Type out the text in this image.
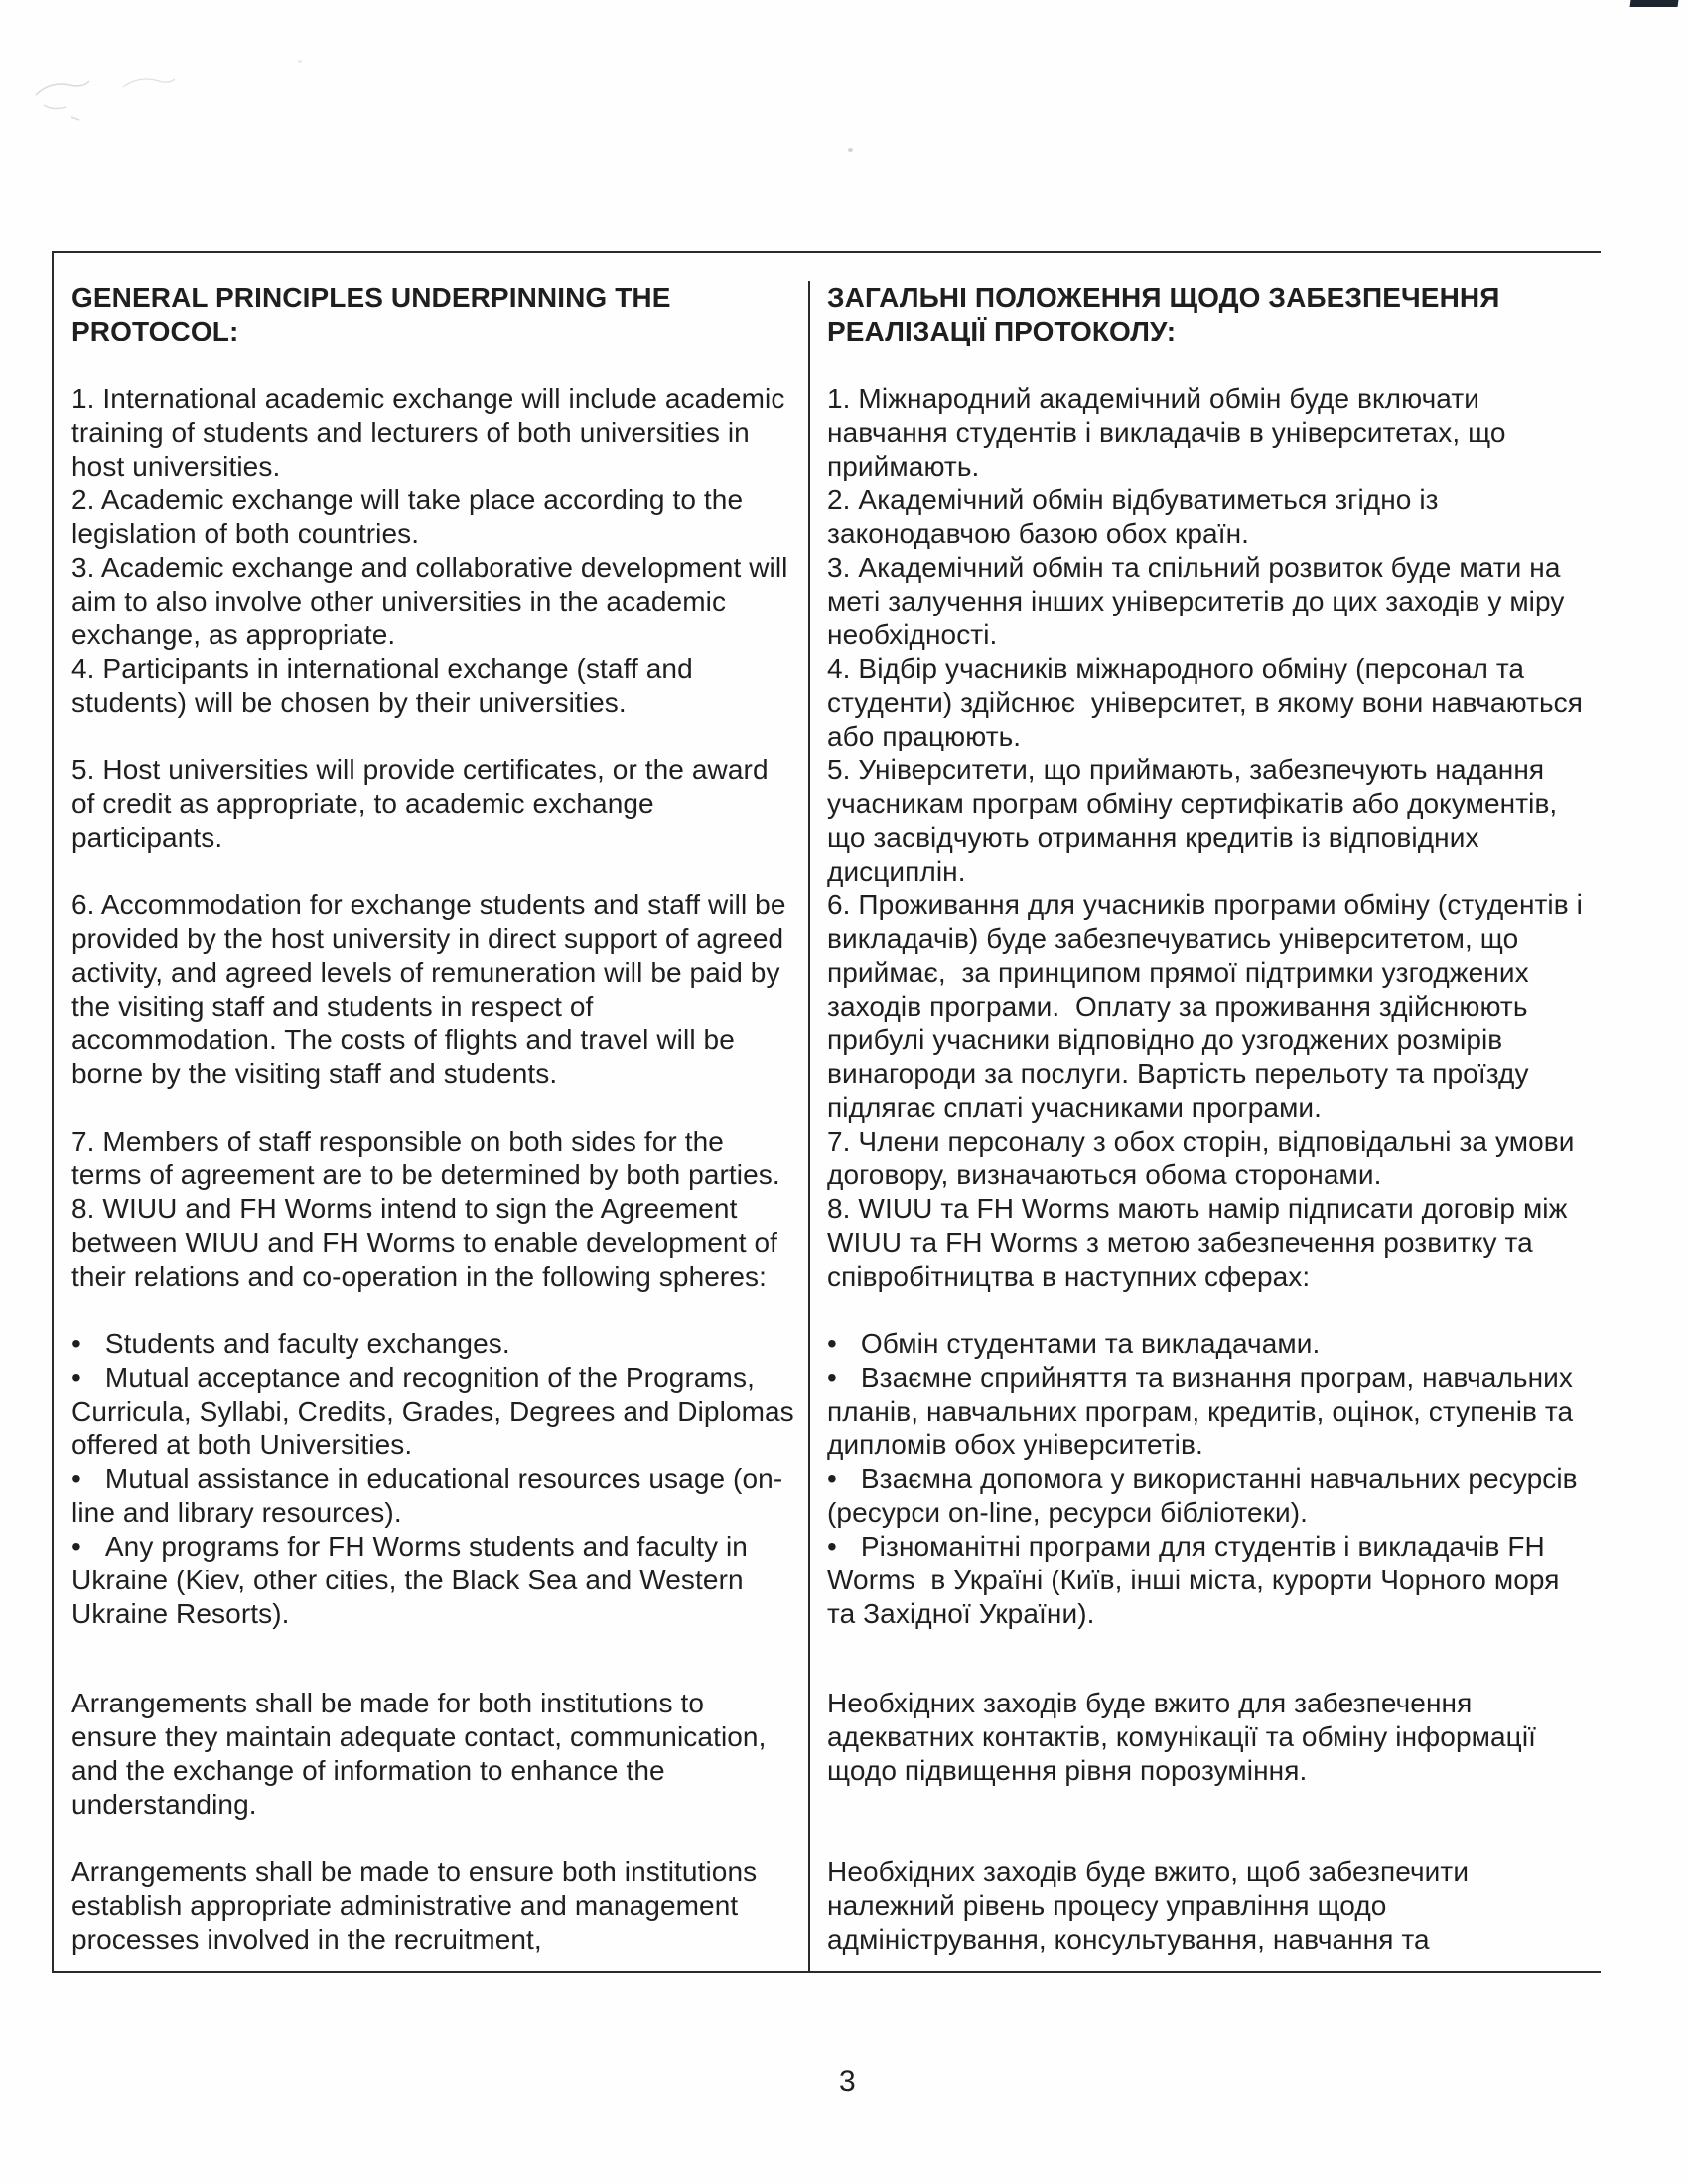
GENERAL PRINCIPLES UNDERPINNING THE PROTOCOL:
ЗАГАЛЬНІ ПОЛОЖЕННЯ ЩОДО ЗАБЕЗПЕЧЕННЯ РЕАЛІЗАЦІЇ ПРОТОКОЛУ:
1. International academic exchange will include academic training of students and lecturers of both universities in host universities.
1. Міжнародний академічний обмін буде включати навчання студентів і викладачів в університетах, що приймають.
2. Academic exchange will take place according to the legislation of both countries.
2. Академічний обмін відбуватиметься згідно із законодавчою базою обох країн.
3. Academic exchange and collaborative development will aim to also involve other universities in the academic exchange, as appropriate.
3. Академічний обмін та спільний розвиток буде мати на меті залучення інших університетів до цих заходів у міру необхідності.
4. Participants in international exchange (staff and students) will be chosen by their universities.
4. Відбір учасників міжнародного обміну (персонал та студенти) здійснює  університет, в якому вони навчаються або працюють.
5. Host universities will provide certificates, or the award of credit as appropriate, to academic exchange participants.
5. Університети, що приймають, забезпечують надання учасникам програм обміну сертифікатів або документів, що засвідчують отримання кредитів із відповідних дисциплін.
6. Accommodation for exchange students and staff will be provided by the host university in direct support of agreed activity, and agreed levels of remuneration will be paid by the visiting staff and students in respect of accommodation. The costs of flights and travel will be borne by the visiting staff and students.
6. Проживання для учасників програми обміну (студентів і викладачів) буде забезпечуватись університетом, що приймає,  за принципом прямої підтримки узгоджених заходів програми.  Оплату за проживання здійснюють прибулі учасники відповідно до узгоджених розмірів винагороди за послуги. Вартість перельоту та проїзду підлягає сплаті учасниками програми.
7. Members of staff responsible on both sides for the terms of agreement are to be determined by both parties.
7. Члени персоналу з обох сторін, відповідальні за умови договору, визначаються обома сторонами.
8. WIUU and FH Worms intend to sign the Agreement between WIUU and FH Worms to enable development of their relations and co-operation in the following spheres:
8. WIUU та FH Worms мають намір підписати договір між WIUU та FH Worms з метою забезпечення розвитку та співробітництва в наступних сферах:
• Students and faculty exchanges.	• Обмін студентами та викладачами.
• Mutual acceptance and recognition of the Programs, Curricula, Syllabi, Credits, Grades, Degrees and Diplomas offered at both Universities.
• Взаємне сприйняття та визнання програм, навчальних планів, навчальних програм, кредитів, оцінок, ступенів та дипломів обох університетів.
• Mutual assistance in educational resources usage (on-line and library resources).
• Взаємна допомога у використанні навчальних ресурсів (ресурси on-line, ресурси бібліотеки).
• Any programs for FH Worms students and faculty in Ukraine (Kiev, other cities, the Black Sea and Western Ukraine Resorts).
• Різноманітні програми для студентів і викладачів FH Worms  в Україні (Київ, інші міста, курорти Чорного моря та Західної України).
Arrangements shall be made for both institutions to ensure they maintain adequate contact, communication, and the exchange of information to enhance the understanding.
Необхідних заходів буде вжито для забезпечення адекватних контактів, комунікації та обміну інформації щодо підвищення рівня порозуміння.
Arrangements shall be made to ensure both institutions establish appropriate administrative and management processes involved in the recruitment,
Необхідних заходів буде вжито, щоб забезпечити належний рівень процесу управління щодо адміністрування, консультування, навчання та
3
